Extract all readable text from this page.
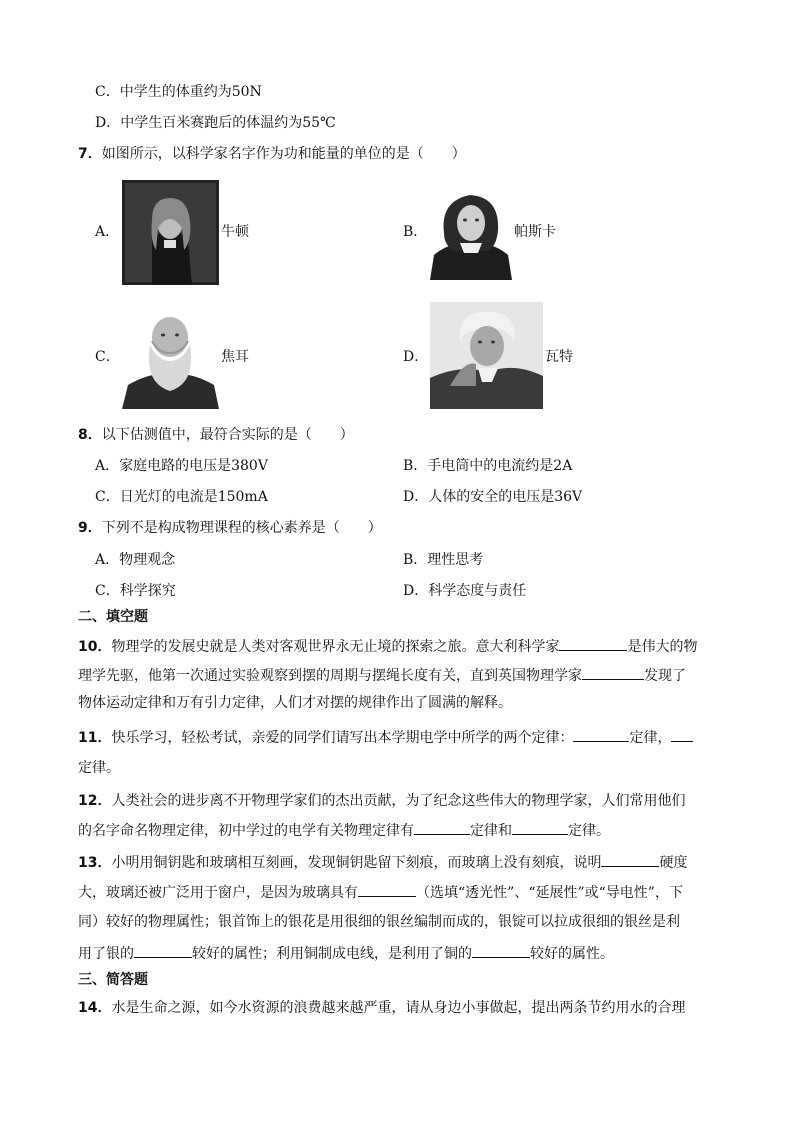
C．中学生的体重约为50N
D．中学生百米赛跑后的体温约为55℃
7．如图所示，以科学家名字作为功和能量的单位的是（　　）
A．	牛顿	B．	帕斯卡
C．	焦耳	D．	瓦特
8．以下估测值中，最符合实际的是（　　）
A．家庭电路的电压是380V	B．手电筒中的电流约是2A
C．日光灯的电流是150mA	D．人体的安全的电压是36V
9．下列不是构成物理课程的核心素养是（　　）
A．物理观念	B．理性思考
C．科学探究	D．科学态度与责任
二、填空题
10．物理学的发展史就是人类对客观世界永无止境的探索之旅。意大利科学家	是伟大的物
理学先驱，他第一次通过实验观察到摆的周期与摆绳长度有关，直到英国物理学家	发现了
物体运动定律和万有引力定律，人们才对摆的规律作出了圆满的解释。
11．快乐学习，轻松考试，亲爱的同学们请写出本学期电学中所学的两个定律：	定律，
定律。
12．人类社会的进步离不开物理学家们的杰出贡献，为了纪念这些伟大的物理学家，人们常用他们
的名字命名物理定律，初中学过的电学有关物理定律有	定律和	定律。
13．小明用铜钥匙和玻璃相互刻画，发现铜钥匙留下刻痕，而玻璃上没有刻痕，说明	硬度
大，玻璃还被广泛用于窗户，是因为玻璃具有	（选填“透光性”、“延展性”或“导电性”，下
同）较好的物理属性；银首饰上的银花是用很细的银丝编制而成的，银锭可以拉成很细的银丝是利
用了银的	较好的属性；利用铜制成电线，是利用了铜的	较好的属性。
三、简答题
14．水是生命之源，如今水资源的浪费越来越严重，请从身边小事做起，提出两条节约用水的合理
